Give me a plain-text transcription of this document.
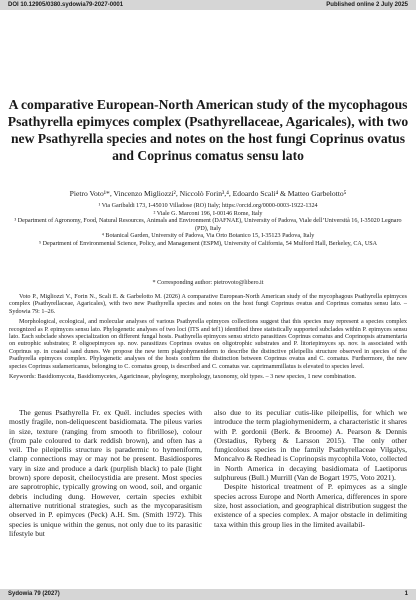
DOI 10.12905/0380.sydowia79-2027-0001	Published online 2 July 2025
A comparative European-North American study of the mycophagous Psathyrella epimyces complex (Psathyrellaceae, Agaricales), with two new Psathyrella species and notes on the host fungi Coprinus ovatus and Coprinus comatus sensu lato
Pietro Voto¹*, Vincenzo Migliozzi², Niccolò Forin³,⁴, Edoardo Scali⁴ & Matteo Garbelotto⁵
¹ Via Garibaldi 173, I-45010 Villadose (RO) Italy; https://orcid.org/0000-0003-1922-1324
² Viale G. Marconi 196, I-00146 Rome, Italy
³ Department of Agronomy, Food, Natural Resources, Animals and Environment (DAFNAE), University of Padova, Viale dell’Università 16, I-35020 Legnaro (PD), Italy
⁴ Botanical Garden, University of Padova, Via Orto Botanico 15, I-35123 Padova, Italy
⁵ Department of Environmental Science, Policy, and Management (ESPM), University of California, 54 Mulford Hall, Berkeley, CA, USA
* Corresponding author: pietrovoto@libero.it

Voto P., Migliozzi V., Forin N., Scali E. & Garbelotto M. (2026) A comparative European-North American study of the mycophagous Psathyrella epimyces complex (Psathyrellaceae, Agaricales), with two new Psathyrella species and notes on the host fungi Coprinus ovatus and Coprinus comatus sensu lato. – Sydowia 79: 1–26.

Morphological, ecological, and molecular analyses of various Psathyrella epimyces collections suggest that this species may represent a species complex recognized as P. epimyces sensu lato. Phylogenetic analyses of two loci (ITS and tef1) identified three statistically supported subclades within P. epimyces sensu lato. Each subclade shows specialization on different fungal hosts. Psathyrella epimyces sensu stricto parasitizes Coprinus comatus and Coprinopsis atramentaria on eutrophic substrates; P. oligoepimyces sp. nov. parasitizes Coprinus ovatus on oligotrophic substrates and P. litoriepimyces sp. nov. is associated with Coprinus sp. in coastal sand dunes. We propose the new term plagiohymeniderm to describe the distinctive pileipellis structure observed in species of the Psathyrella epimyces complex. Phylogenetic analyses of the hosts confirm the distinction between Coprinus ovatus and C. comatus. Furthermore, the new species Coprinus sudamericanus, belonging to C. comatus group, is described and C. comatus var. caprimammillatus is elevated to species level.

Keywords: Basidiomycota, Basidiomycetes, Agaricineae, phylogeny, morphology, taxonomy, old types. – 3 new species, 1 new combination.

The genus Psathyrella Fr. ex Quél. includes species with mostly fragile, non-deliquescent basidiomata. The pileus varies in size, texture (ranging from smooth to fibrillose), colour (from pale coloured to dark reddish brown), and often has a veil. The pileipellis structure is paradermic to hymeniform, clamp connections may or may not be present. Basidiospores vary in size and produce a dark (purplish black) to pale (light brown) spore deposit, cheilocystidia are present. Most species are saprotrophic, typically growing on wood, soil, and organic debris including dung. However, certain species exhibit alternative nutritional strategies, such as the mycoparasitism observed in P. epimyces (Peck) A.H. Sm. (Smith 1972). This species is unique within the genus, not only due to its parasitic lifestyle but

also due to its peculiar cutis-like pileipellis, for which we introduce the term plagiohymeniderm, a characteristic it shares with P. gordonii (Berk. & Broome) A. Pearson & Dennis (Orstadius, Ryberg & Larsson 2015). The only other fungicolous species in the family Psathyrellaceae Vilgalys, Moncalvo & Redhead is Coprinopsis mycophila Voto, collected in North America in decaying basidiomata of Laetiporus sulphureus (Bull.) Murrill (Van de Bogart 1975, Voto 2021).

Despite historical treatment of P. epimyces as a single species across Europe and North America, differences in spore size, host association, and geographical distribution suggest the existence of a species complex. A major obstacle in delimiting taxa within this group lies in the limited availabil-

Sydowia 79 (2027)	1
